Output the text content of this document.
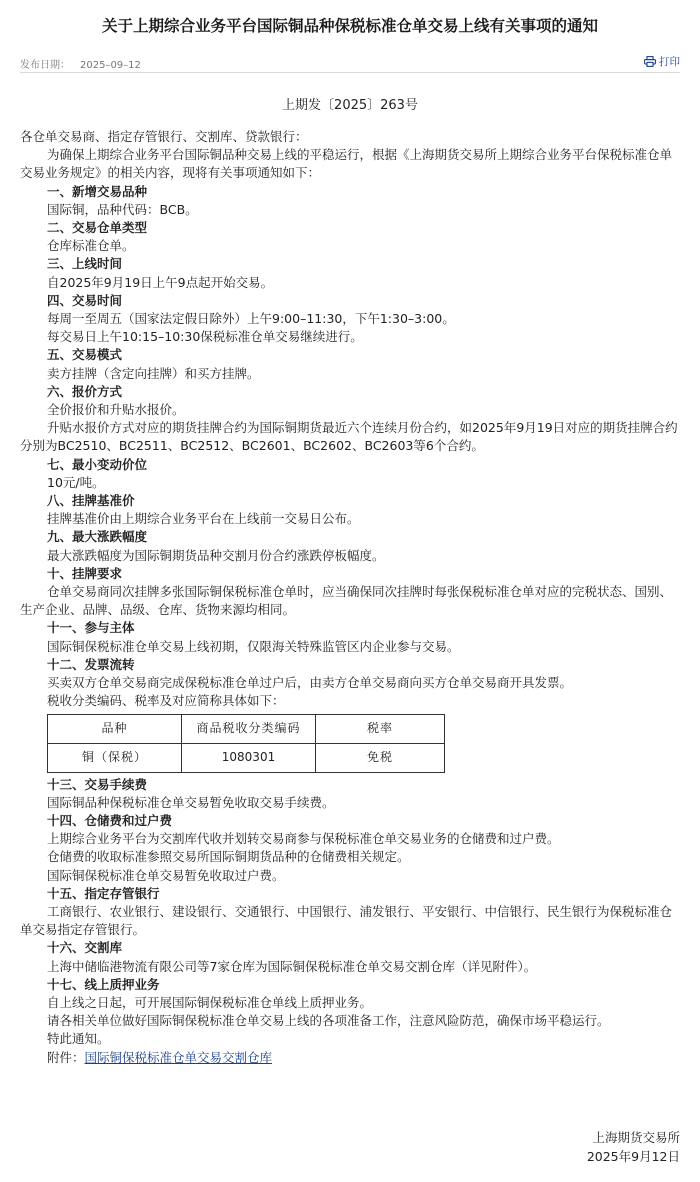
关于上期综合业务平台国际铜品种保税标准仓单交易上线有关事项的通知
发布日期： 2025–09–12	打印
上期发〔2025〕263号

各仓单交易商、指定存管银行、交割库、贷款银行：

为确保上期综合业务平台国际铜品种交易上线的平稳运行，根据《上海期货交易所上期综合业务平台保税标准仓单交易业务规定》的相关内容，现将有关事项通知如下：

一、新增交易品种

国际铜，品种代码：BCB。

二、交易仓单类型

仓库标准仓单。

三、上线时间

自2025年9月19日上午9点起开始交易。

四、交易时间

每周一至周五（国家法定假日除外）上午9:00–11:30，下午1:30–3:00。

每交易日上午10:15–10:30保税标准仓单交易继续进行。

五、交易模式

卖方挂牌（含定向挂牌）和买方挂牌。

六、报价方式

全价报价和升贴水报价。

升贴水报价方式对应的期货挂牌合约为国际铜期货最近六个连续月份合约，如2025年9月19日对应的期货挂牌合约分别为BC2510、BC2511、BC2512、BC2601、BC2602、BC2603等6个合约。

七、最小变动价位

10元/吨。

八、挂牌基准价

挂牌基准价由上期综合业务平台在上线前一交易日公布。

九、最大涨跌幅度

最大涨跌幅度为国际铜期货品种交割月份合约涨跌停板幅度。

十、挂牌要求

仓单交易商同次挂牌多张国际铜保税标准仓单时，应当确保同次挂牌时每张保税标准仓单对应的完税状态、国别、生产企业、品牌、品级、仓库、货物来源均相同。

十一、参与主体

国际铜保税标准仓单交易上线初期，仅限海关特殊监管区内企业参与交易。

十二、发票流转

买卖双方仓单交易商完成保税标准仓单过户后，由卖方仓单交易商向买方仓单交易商开具发票。

税收分类编码、税率及对应简称具体如下：

品种	商品税收分类编码	税率
铜（保税）	1080301	免税

十三、交易手续费

国际铜品种保税标准仓单交易暂免收取交易手续费。

十四、仓储费和过户费

上期综合业务平台为交割库代收并划转交易商参与保税标准仓单交易业务的仓储费和过户费。

仓储费的收取标准参照交易所国际铜期货品种的仓储费相关规定。

国际铜保税标准仓单交易暂免收取过户费。

十五、指定存管银行

工商银行、农业银行、建设银行、交通银行、中国银行、浦发银行、平安银行、中信银行、民生银行为保税标准仓单交易指定存管银行。

十六、交割库

上海中储临港物流有限公司等7家仓库为国际铜保税标准仓单交易交割仓库（详见附件）。

十七、线上质押业务

自上线之日起，可开展国际铜保税标准仓单线上质押业务。

请各相关单位做好国际铜保税标准仓单交易上线的各项准备工作，注意风险防范，确保市场平稳运行。

特此通知。

附件：国际铜保税标准仓单交易交割仓库

上海期货交易所
2025年9月12日
